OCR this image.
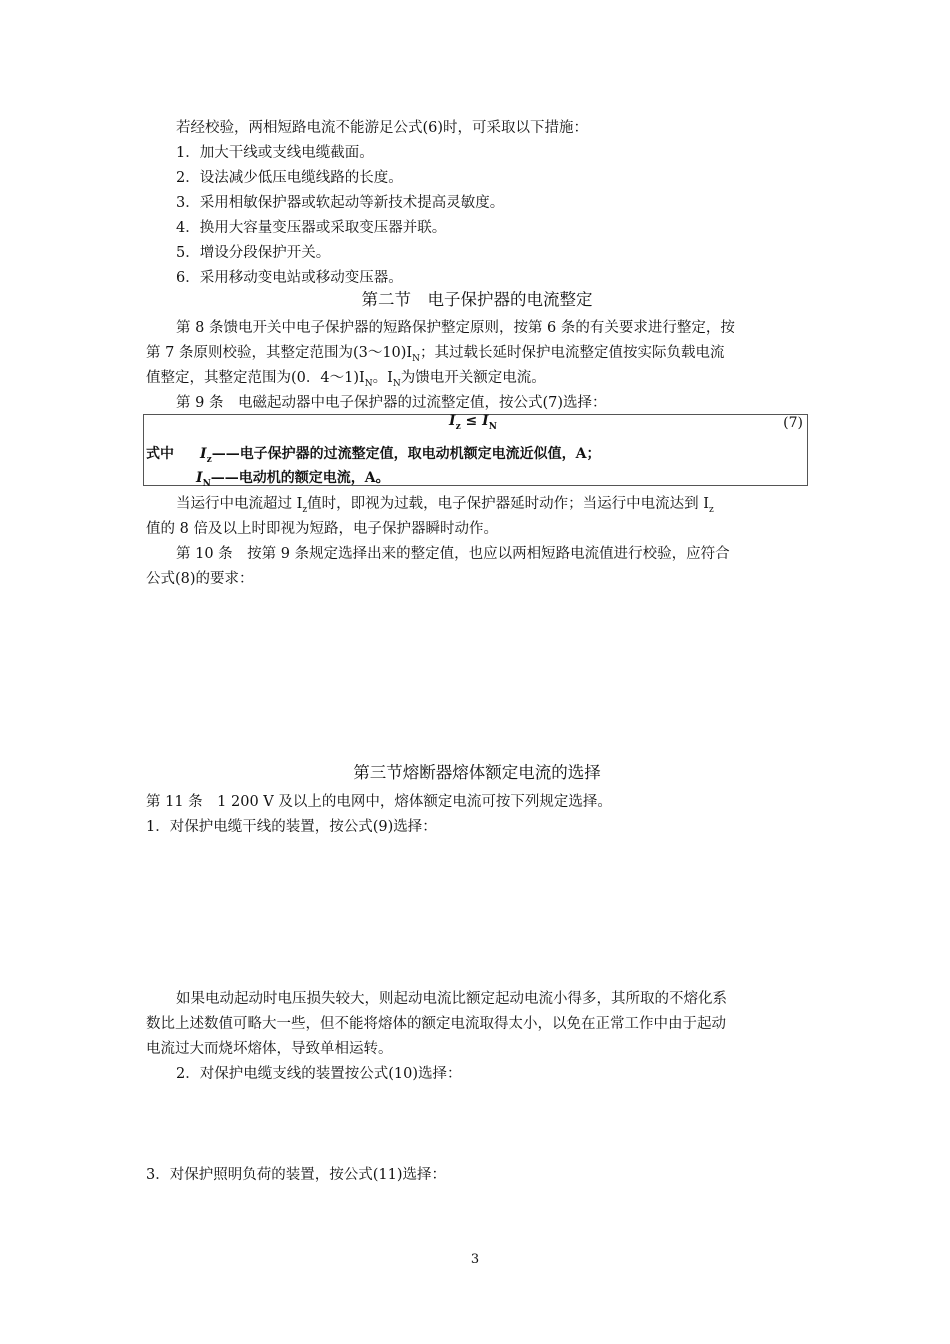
若经校验，两相短路电流不能游足公式(6)时，可采取以下措施：
1．加大干线或支线电缆截面。
2．设法减少低压电缆线路的长度。
3．采用相敏保护器或软起动等新技术提高灵敏度。
4．换用大容量变压器或采取变压器并联。
5．增设分段保护开关。
6．采用移动变电站或移动变压器。
第二节　电子保护器的电流整定
第 8 条馈电开关中电子保护器的短路保护整定原则，按第 6 条的有关要求进行整定，按
第 7 条原则校验，其整定范围为$(3\sim 10)I_N$；其过载长延时保护电流整定值按实际负载电流
值整定，其整定范围为(0．$4\sim 1)I_N$。$I_N$为馈电开关额定电流。
第 9 条　电磁起动器中电子保护器的过流整定值，按公式(7)选择：
$I_z \le I_N$	(7)
式中 $I_z——$电子保护器的过流整定值，取电动机额定电流近似值，A；
$I_N——$电动机的额定电流，A。
当运行中电流超过 $I_z$值时，即视为过载，电子保护器延时动作；当运行中电流达到 $I_z$
值的 8 倍及以上时即视为短路，电子保护器瞬时动作。
第 10 条　按第 9 条规定选择出来的整定值，也应以两相短路电流值进行校验，应符合
公式(8)的要求：
第三节熔断器熔体额定电流的选择
第 11 条　1 200 V 及以上的电网中，熔体额定电流可按下列规定选择。
1．对保护电缆干线的装置，按公式(9)选择：
如果电动起动时电压损失较大，则起动电流比额定起动电流小得多，其所取的不熔化系
数比上述数值可略大一些，但不能将熔体的额定电流取得太小，以免在正常工作中由于起动
电流过大而烧坏熔体，导致单相运转。
2．对保护电缆支线的装置按公式(10)选择：
3．对保护照明负荷的装置，按公式(11)选择：
3
